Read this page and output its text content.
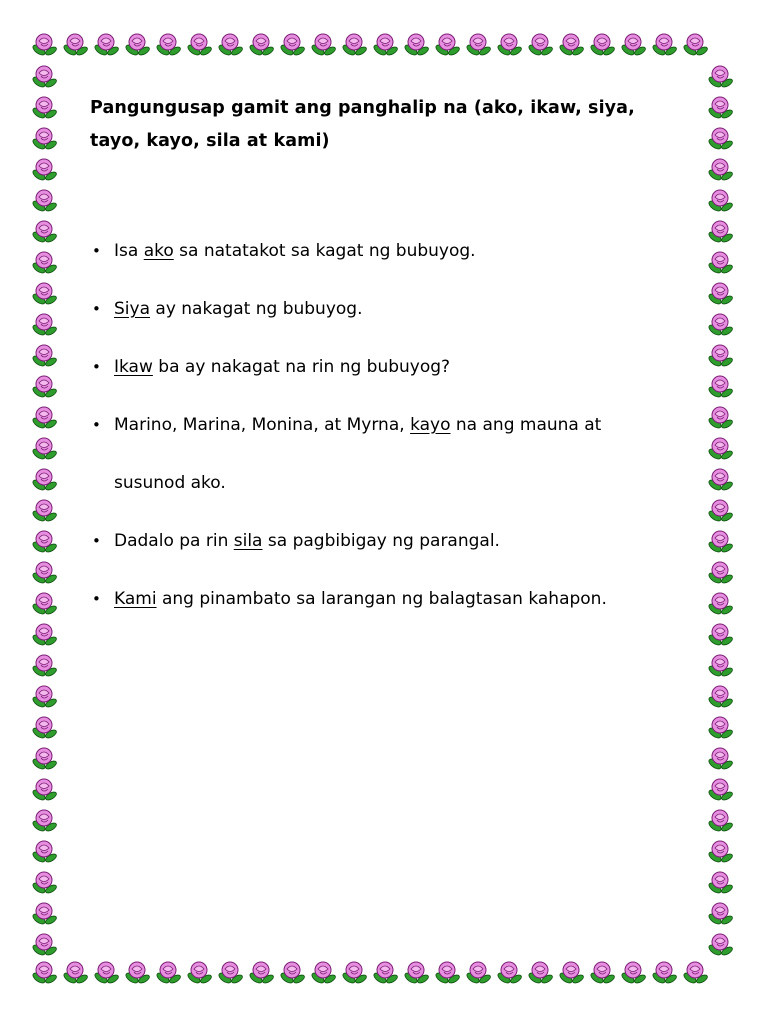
Pangungusap gamit ang panghalip na (ako, ikaw, siya, tayo, kayo, sila at kami)

• Isa ako sa natatakot sa kagat ng bubuyog.
• Siya ay nakagat ng bubuyog.
• Ikaw ba ay nakagat na rin ng bubuyog?
• Marino, Marina, Monina, at Myrna, kayo na ang mauna at susunod ako.
• Dadalo pa rin sila sa pagbibigay ng parangal.
• Kami ang pinambato sa larangan ng balagtasan kahapon.
